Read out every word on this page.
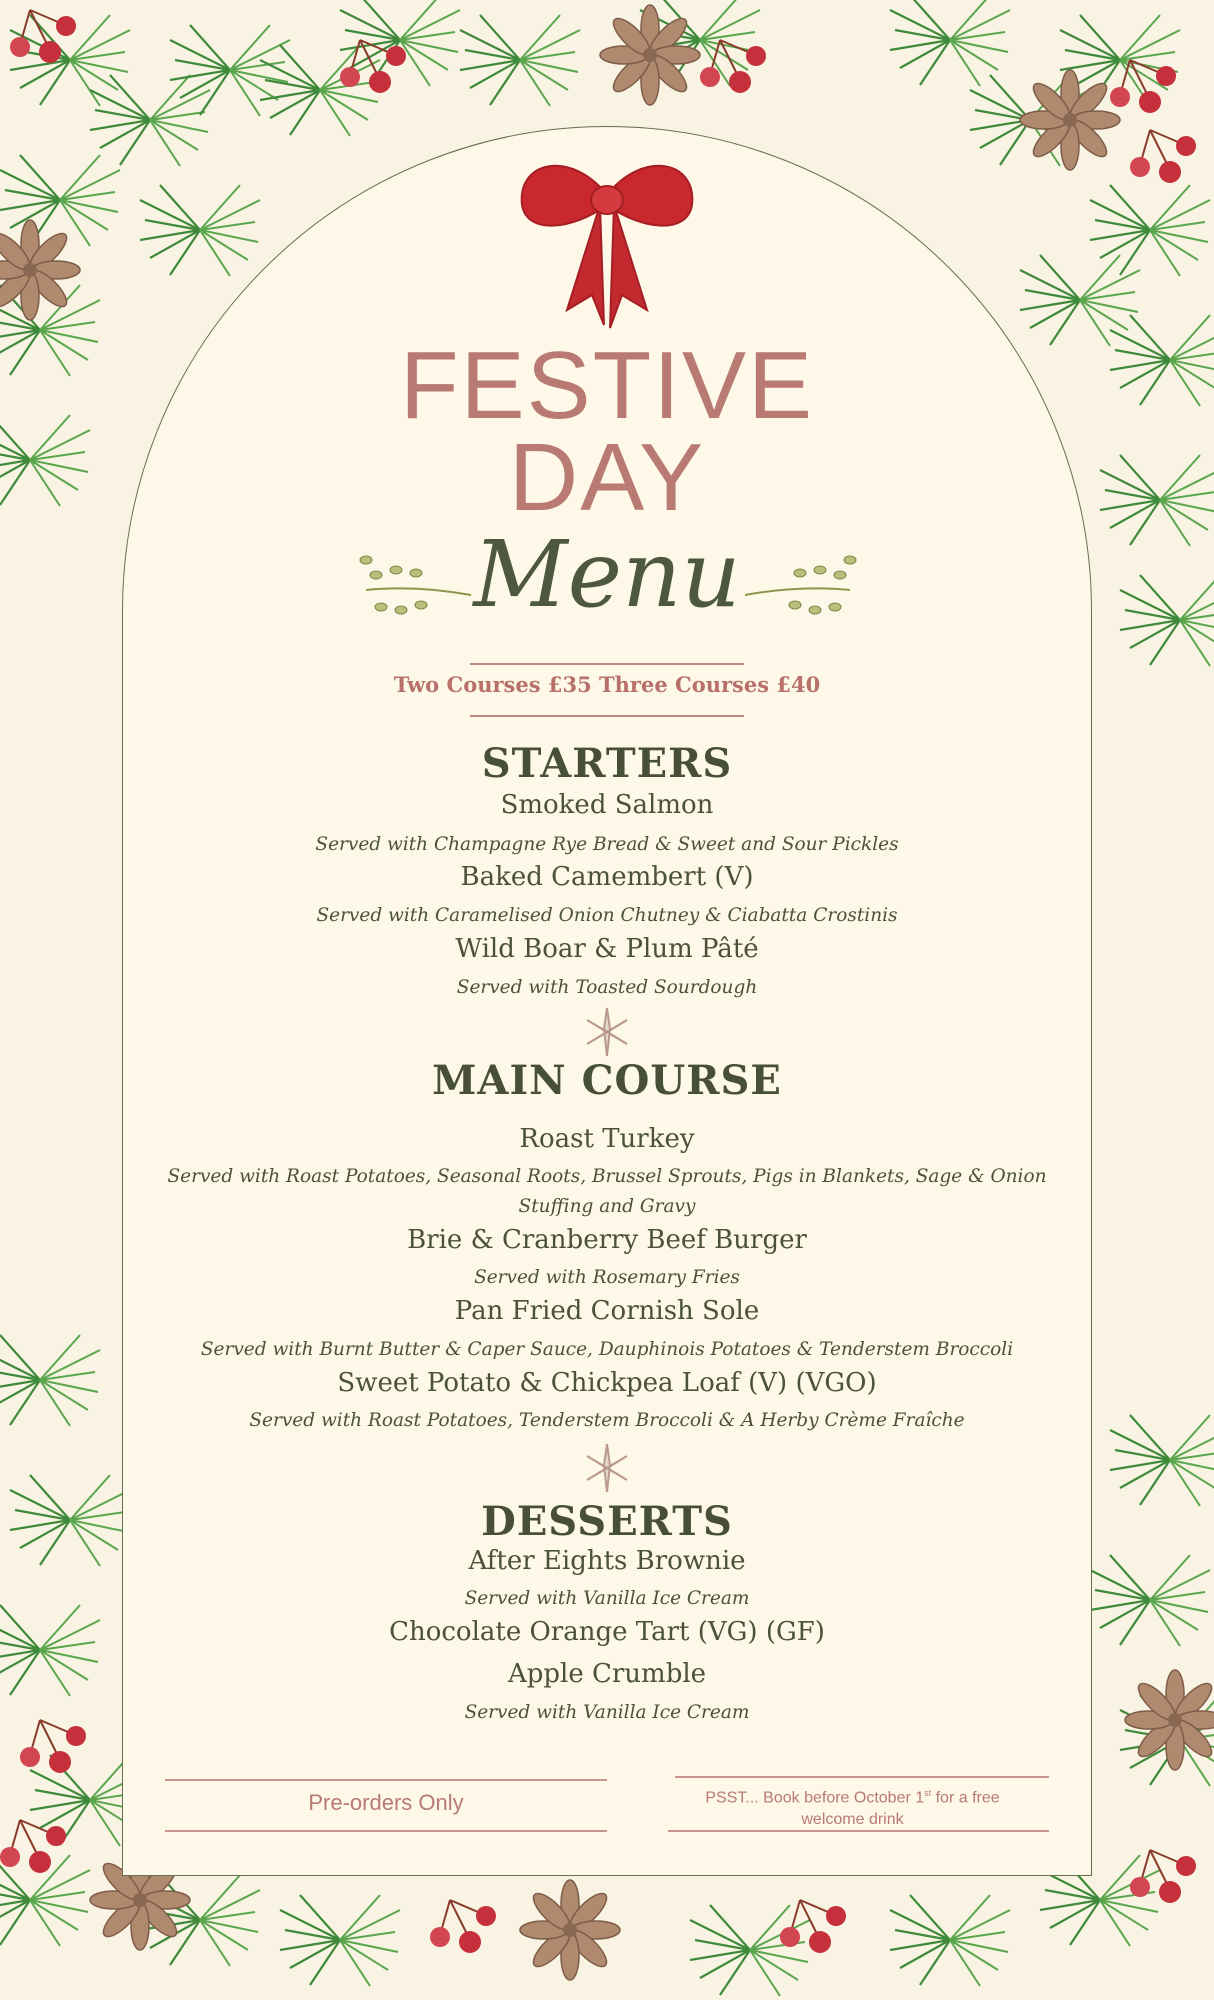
FESTIVE
DAY
Menu
Two Courses £35 Three Courses £40
STARTERS
Smoked Salmon
Served with Champagne Rye Bread & Sweet and Sour Pickles
Baked Camembert (V)
Served with Caramelised Onion Chutney & Ciabatta Crostinis
Wild Boar & Plum Pâté
Served with Toasted Sourdough
MAIN COURSE
Roast Turkey
Served with Roast Potatoes, Seasonal Roots, Brussel Sprouts, Pigs in Blankets, Sage & Onion
Stuffing and Gravy
Brie & Cranberry Beef Burger
Served with Rosemary Fries
Pan Fried Cornish Sole
Served with Burnt Butter & Caper Sauce, Dauphinois Potatoes & Tenderstem Broccoli
Sweet Potato & Chickpea Loaf (V) (VGO)
Served with Roast Potatoes, Tenderstem Broccoli & A Herby Crème Fraîche
DESSERTS
After Eights Brownie
Served with Vanilla Ice Cream
Chocolate Orange Tart (VG) (GF)
Apple Crumble
Served with Vanilla Ice Cream
Pre-orders Only	PSST... Book before October 1st for a free
welcome drink
